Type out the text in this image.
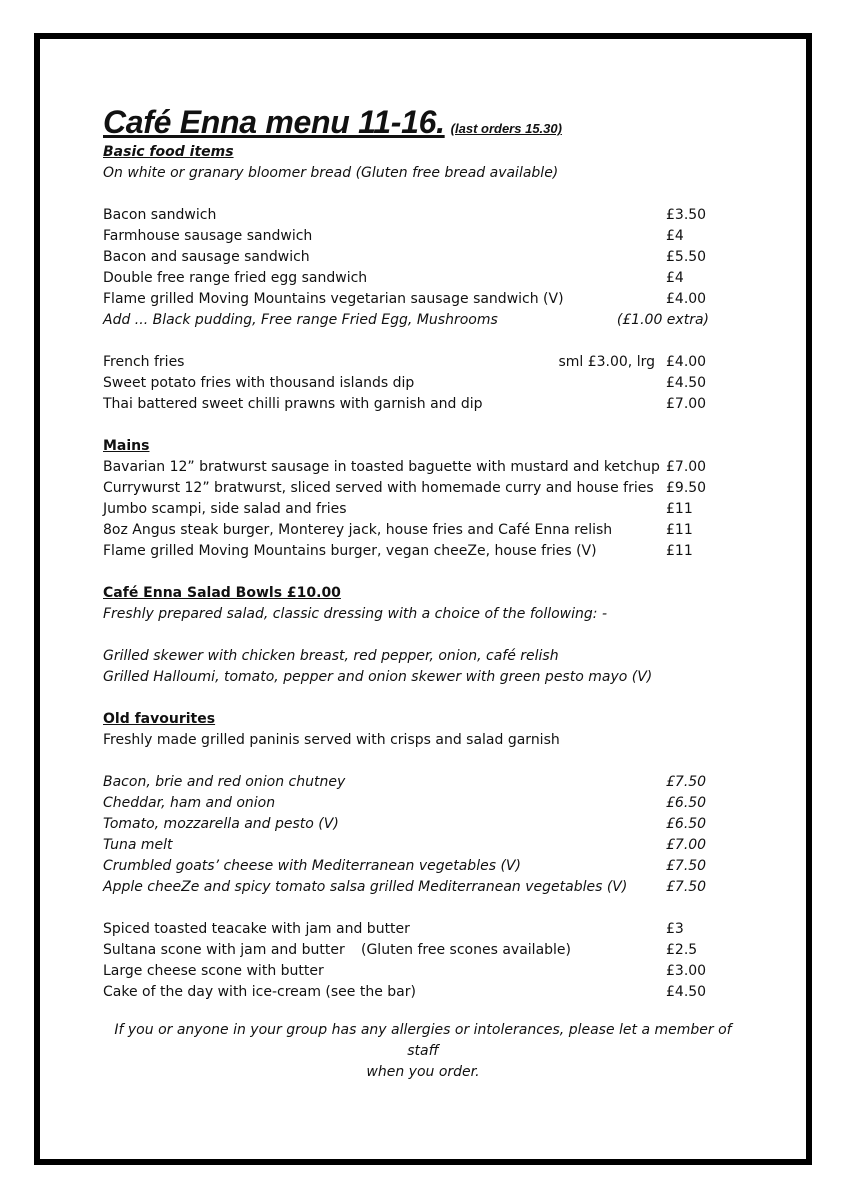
Café Enna menu 11-16. (last orders 15.30)
Basic food items
On white or granary bloomer bread (Gluten free bread available)
Bacon sandwich	£3.50
Farmhouse sausage sandwich	£4
Bacon and sausage sandwich	£5.50
Double free range fried egg sandwich	£4
Flame grilled Moving Mountains vegetarian sausage sandwich (V)	£4.00
Add ... Black pudding, Free range Fried Egg, Mushrooms	(£1.00 extra)
French fries	sml £3.00, lrg £4.00
Sweet potato fries with thousand islands dip	£4.50
Thai battered sweet chilli prawns with garnish and dip	£7.00
Mains
Bavarian 12” bratwurst sausage in toasted baguette with mustard and ketchup £7.00
Currywurst 12” bratwurst, sliced served with homemade curry and house fries £9.50
Jumbo scampi, side salad and fries	£11
8oz Angus steak burger, Monterey jack, house fries and Café Enna relish	£11
Flame grilled Moving Mountains burger, vegan cheeZe, house fries (V)	£11
Café Enna Salad Bowls £10.00
Freshly prepared salad, classic dressing with a choice of the following: -
Grilled skewer with chicken breast, red pepper, onion, café relish
Grilled Halloumi, tomato, pepper and onion skewer with green pesto mayo (V)
Old favourites
Freshly made grilled paninis served with crisps and salad garnish
Bacon, brie and red onion chutney	£7.50
Cheddar, ham and onion	£6.50
Tomato, mozzarella and pesto (V)	£6.50
Tuna melt	£7.00
Crumbled goats’ cheese with Mediterranean vegetables (V)	£7.50
Apple cheeZe and spicy tomato salsa grilled Mediterranean vegetables (V)	£7.50
Spiced toasted teacake with jam and butter	£3
Sultana scone with jam and butter (Gluten free scones available)	£2.5
Large cheese scone with butter	£3.00
Cake of the day with ice-cream (see the bar)	£4.50
If you or anyone in your group has any allergies or intolerances, please let a member of staff
when you order.
